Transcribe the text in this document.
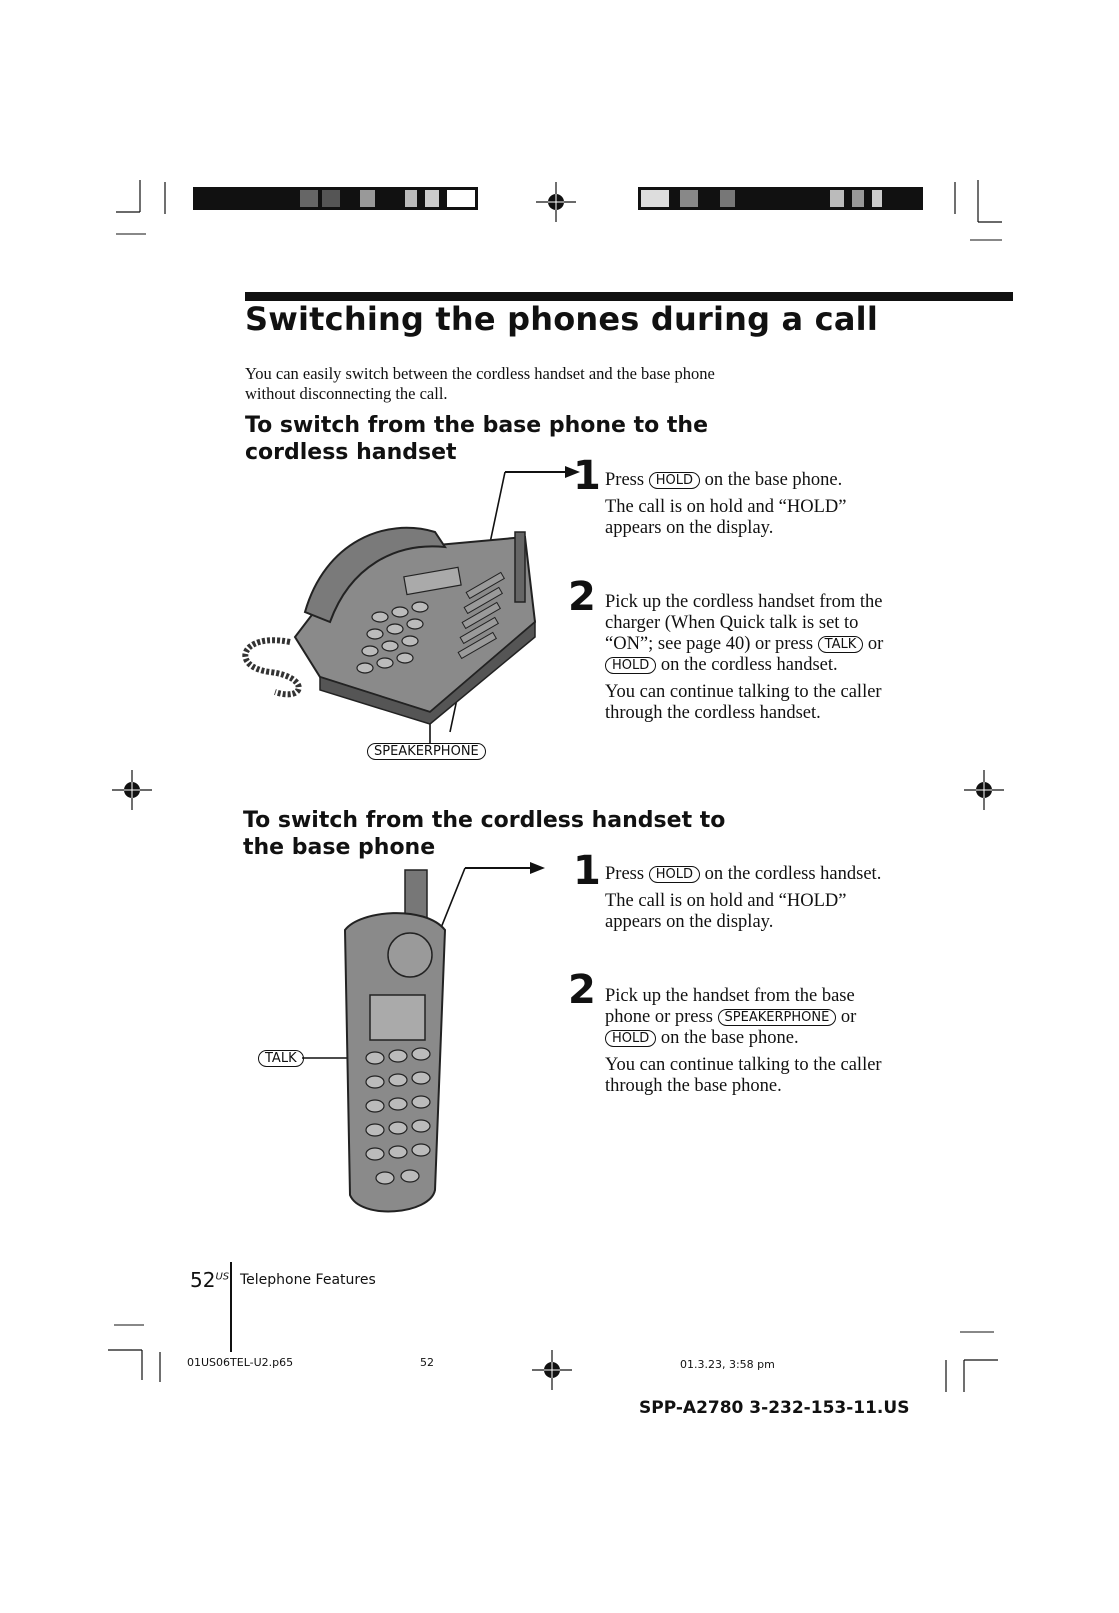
Switching the phones during a call
You can easily switch between the cordless handset and the base phone without disconnecting the call.
To switch from the base phone to the cordless handset
SPEAKERPHONE
1 Press HOLD on the base phone.

The call is on hold and “HOLD” appears on the display.

2 Pick up the cordless handset from the charger (When Quick talk is set to “ON”; see page 40) or press TALK or HOLD on the cordless handset.

You can continue talking to the caller through the cordless handset.

To switch from the cordless handset to the base phone
TALK
1 Press HOLD on the cordless handset.

The call is on hold and “HOLD” appears on the display.

2 Pick up the handset from the base phone or press SPEAKERPHONE or HOLD on the base phone.

You can continue talking to the caller through the base phone.

$52^{US}$ Telephone Features
01US06TEL-U2.p65	52	01.3.23, 3:58 pm
SPP-A2780 3-232-153-11.US
